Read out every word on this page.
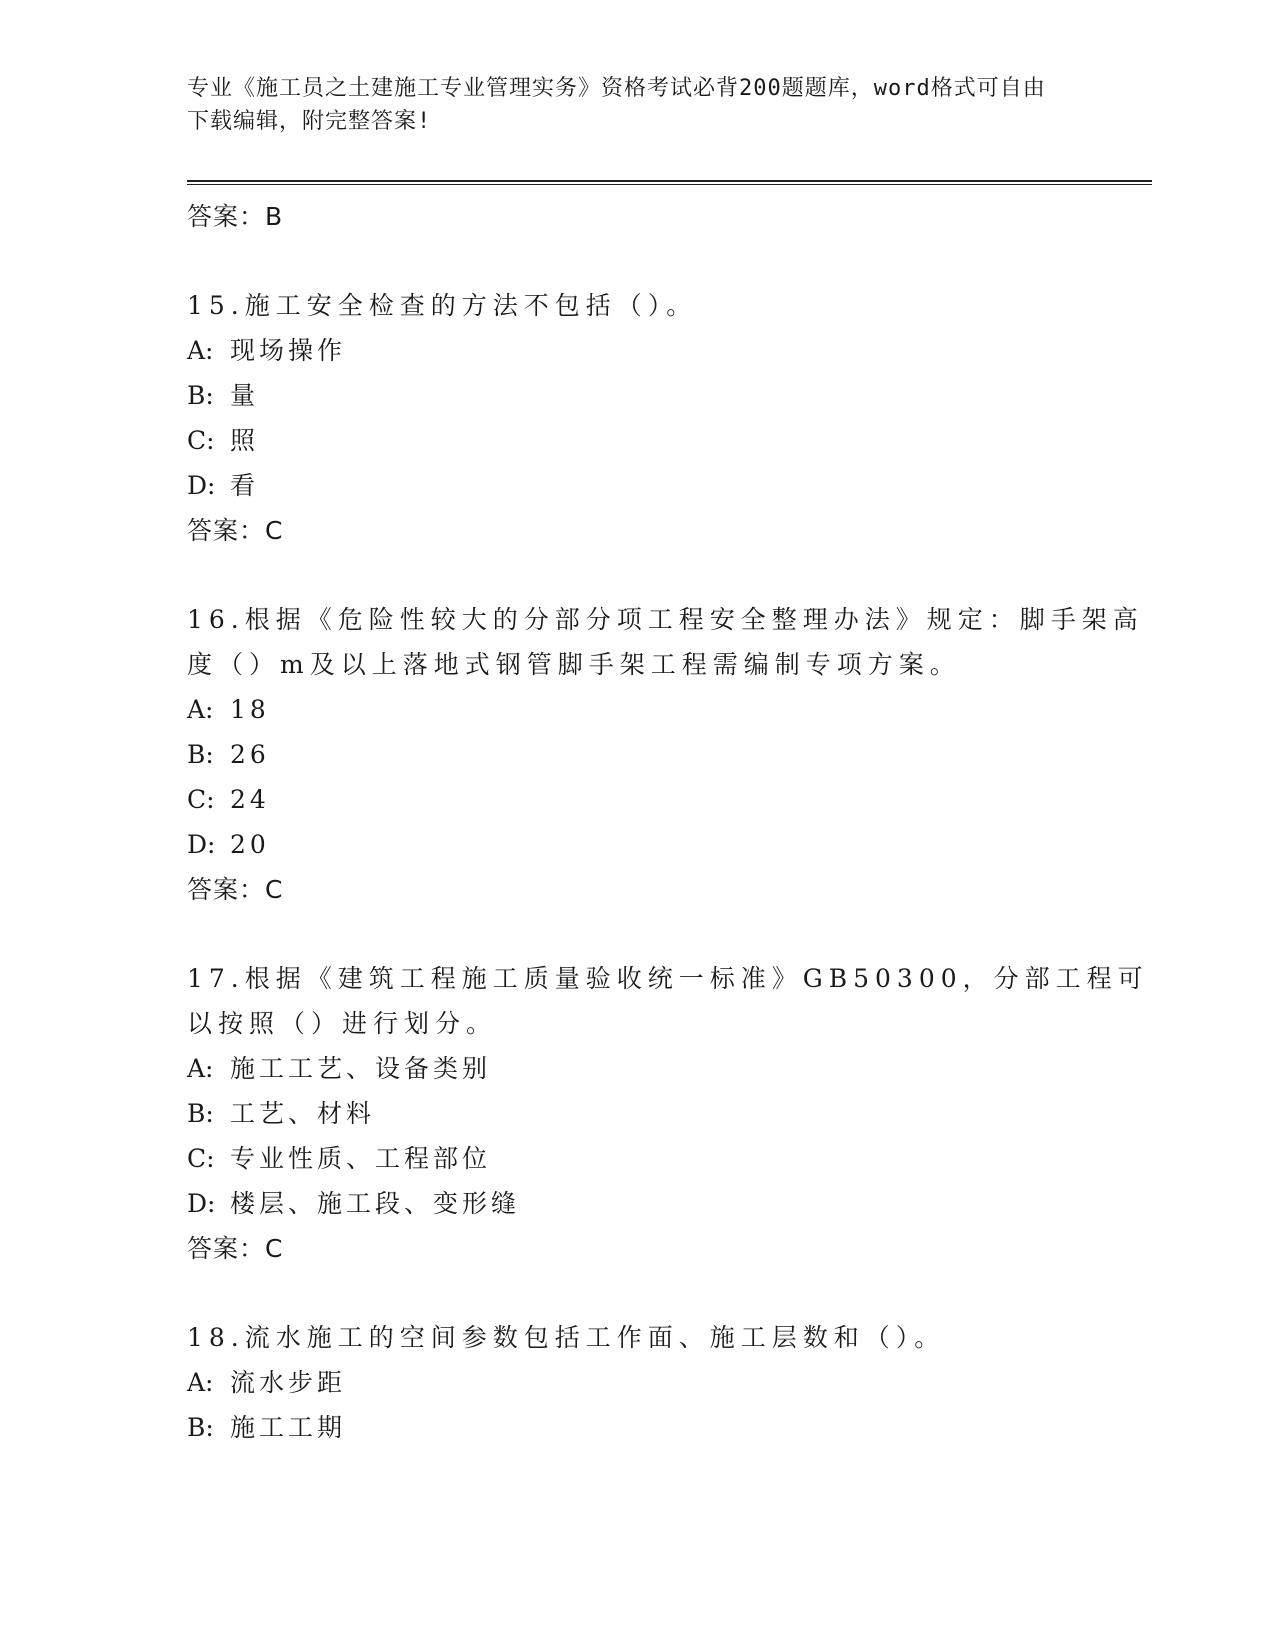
专业《施工员之土建施工专业管理实务》资格考试必背200题题库，word格式可自由下载编辑，附完整答案!

答案：B

15.施工安全检查的方法不包括（）。

A: 现场操作

B: 量

C: 照

D: 看

答案：C

16.根据《危险性较大的分部分项工程安全整理办法》规定：脚手架高度（）m及以上落地式钢管脚手架工程需编制专项方案。

A: 18

B: 26

C: 24

D: 20

答案：C

17.根据《建筑工程施工质量验收统一标准》GB50300，分部工程可以按照（）进行划分。

A: 施工工艺、设备类别

B: 工艺、材料

C: 专业性质、工程部位

D: 楼层、施工段、变形缝

答案：C

18.流水施工的空间参数包括工作面、施工层数和（）。

A: 流水步距

B: 施工工期
